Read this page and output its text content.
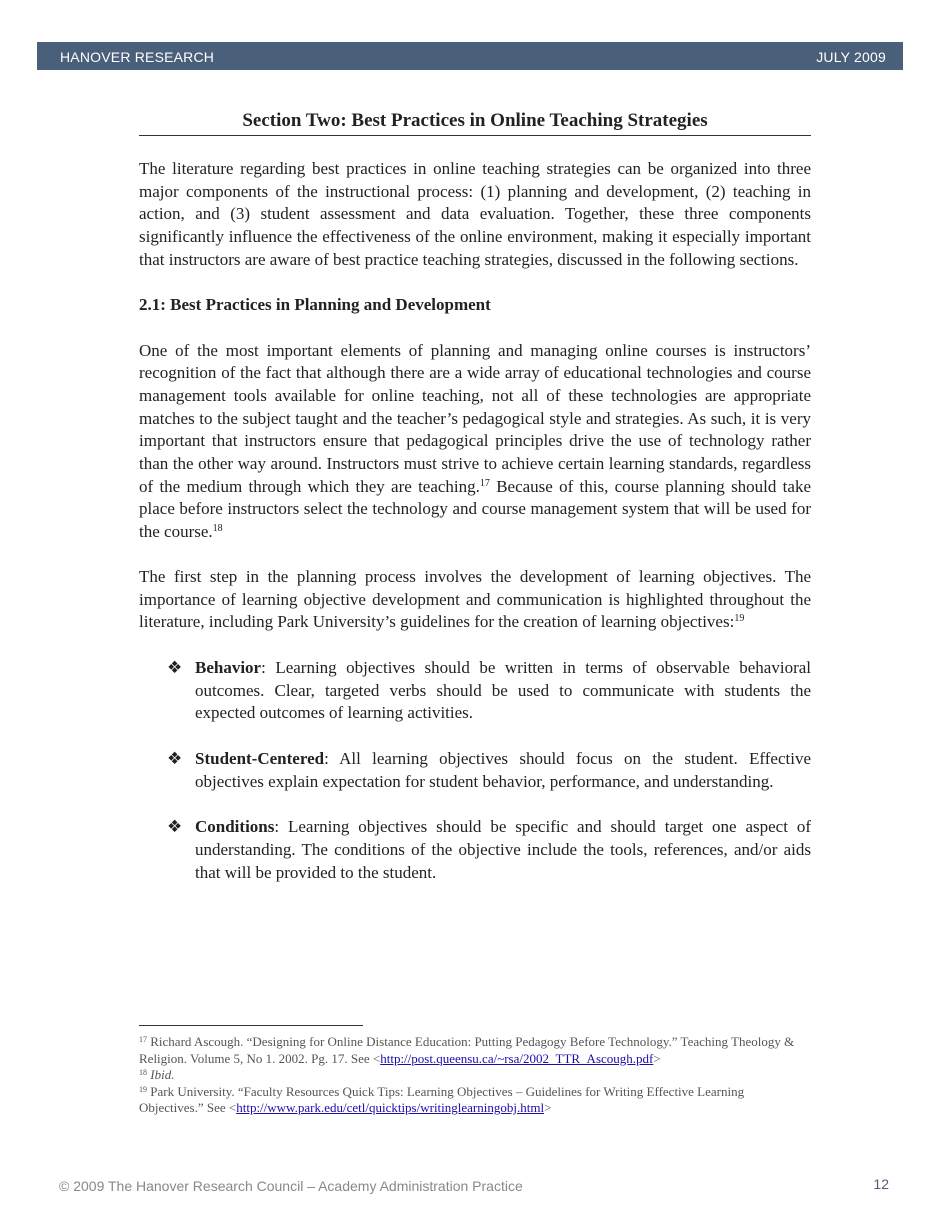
HANOVER RESEARCH	JULY 2009
Section Two: Best Practices in Online Teaching Strategies

The literature regarding best practices in online teaching strategies can be organized into three major components of the instructional process: (1) planning and development, (2) teaching in action, and (3) student assessment and data evaluation. Together, these three components significantly influence the effectiveness of the online environment, making it especially important that instructors are aware of best practice teaching strategies, discussed in the following sections.

2.1: Best Practices in Planning and Development

One of the most important elements of planning and managing online courses is instructors’ recognition of the fact that although there are a wide array of educational technologies and course management tools available for online teaching, not all of these technologies are appropriate matches to the subject taught and the teacher’s pedagogical style and strategies. As such, it is very important that instructors ensure that pedagogical principles drive the use of technology rather than the other way around. Instructors must strive to achieve certain learning standards, regardless of the medium through which they are teaching.$^{17}$ Because of this, course planning should take place before instructors select the technology and course management system that will be used for the course.$^{18}$

The first step in the planning process involves the development of learning objectives. The importance of learning objective development and communication is highlighted throughout the literature, including Park University’s guidelines for the creation of learning objectives:$^{19}$

❖ Behavior: Learning objectives should be written in terms of observable behavioral outcomes. Clear, targeted verbs should be used to communicate with students the expected outcomes of learning activities.

❖ Student-Centered: All learning objectives should focus on the student. Effective objectives explain expectation for student behavior, performance, and understanding.

❖ Conditions: Learning objectives should be specific and should target one aspect of understanding. The conditions of the objective include the tools, references, and/or aids that will be provided to the student.

$^{17}$ Richard Ascough. “Designing for Online Distance Education: Putting Pedagogy Before Technology.” Teaching Theology & Religion. Volume 5, No 1. 2002. Pg. 17. See <http://post.queensu.ca/~rsa/2002_TTR_Ascough.pdf>

$^{18}$ Ibid.

$^{19}$ Park University. “Faculty Resources Quick Tips: Learning Objectives – Guidelines for Writing Effective Learning Objectives.” See <http://www.park.edu/cetl/quicktips/writinglearningobj.html>

© 2009 The Hanover Research Council – Academy Administration Practice	12
